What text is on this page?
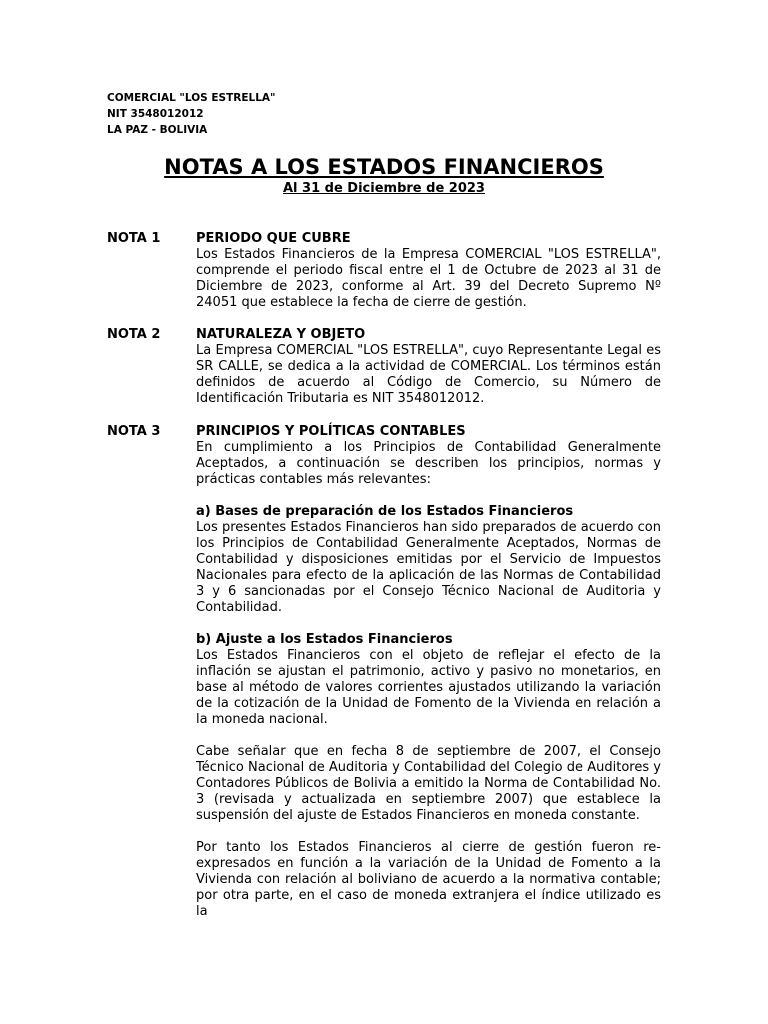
COMERCIAL "LOS ESTRELLA"
NIT 3548012012
LA PAZ - BOLIVIA
NOTAS A LOS ESTADOS FINANCIEROS
Al 31 de Diciembre de 2023
NOTA 1	PERIODO QUE CUBRE

Los Estados Financieros de la Empresa COMERCIAL "LOS ESTRELLA", comprende el periodo fiscal entre el 1 de Octubre de 2023 al 31 de Diciembre de 2023, conforme al Art. 39 del Decreto Supremo Nº 24051 que establece la fecha de cierre de gestión.

NOTA 2	NATURALEZA Y OBJETO

La Empresa COMERCIAL "LOS ESTRELLA", cuyo Representante Legal es SR CALLE, se dedica a la actividad de COMERCIAL. Los términos están definidos de acuerdo al Código de Comercio, su Número de Identificación Tributaria es NIT 3548012012.

NOTA 3	PRINCIPIOS Y POLÍTICAS CONTABLES

En cumplimiento a los Principios de Contabilidad Generalmente Aceptados, a continuación se describen los principios, normas y prácticas contables más relevantes:

a) Bases de preparación de los Estados Financieros

Los presentes Estados Financieros han sido preparados de acuerdo con los Principios de Contabilidad Generalmente Aceptados, Normas de Contabilidad y disposiciones emitidas por el Servicio de Impuestos Nacionales para efecto de la aplicación de las Normas de Contabilidad 3 y 6 sancionadas por el Consejo Técnico Nacional de Auditoria y Contabilidad.

b) Ajuste a los Estados Financieros

Los Estados Financieros con el objeto de reflejar el efecto de la inflación se ajustan el patrimonio, activo y pasivo no monetarios, en base al método de valores corrientes ajustados utilizando la variación de la cotización de la Unidad de Fomento de la Vivienda en relación a la moneda nacional.

Cabe señalar que en fecha 8 de septiembre de 2007, el Consejo Técnico Nacional de Auditoria y Contabilidad del Colegio de Auditores y Contadores Públicos de Bolivia a emitido la Norma de Contabilidad No. 3 (revisada y actualizada en septiembre 2007) que establece la suspensión del ajuste de Estados Financieros en moneda constante.

Por tanto los Estados Financieros al cierre de gestión fueron re-expresados en función a la variación de la Unidad de Fomento a la Vivienda con relación al boliviano de acuerdo a la normativa contable; por otra parte, en el caso de moneda extranjera el índice utilizado es la
